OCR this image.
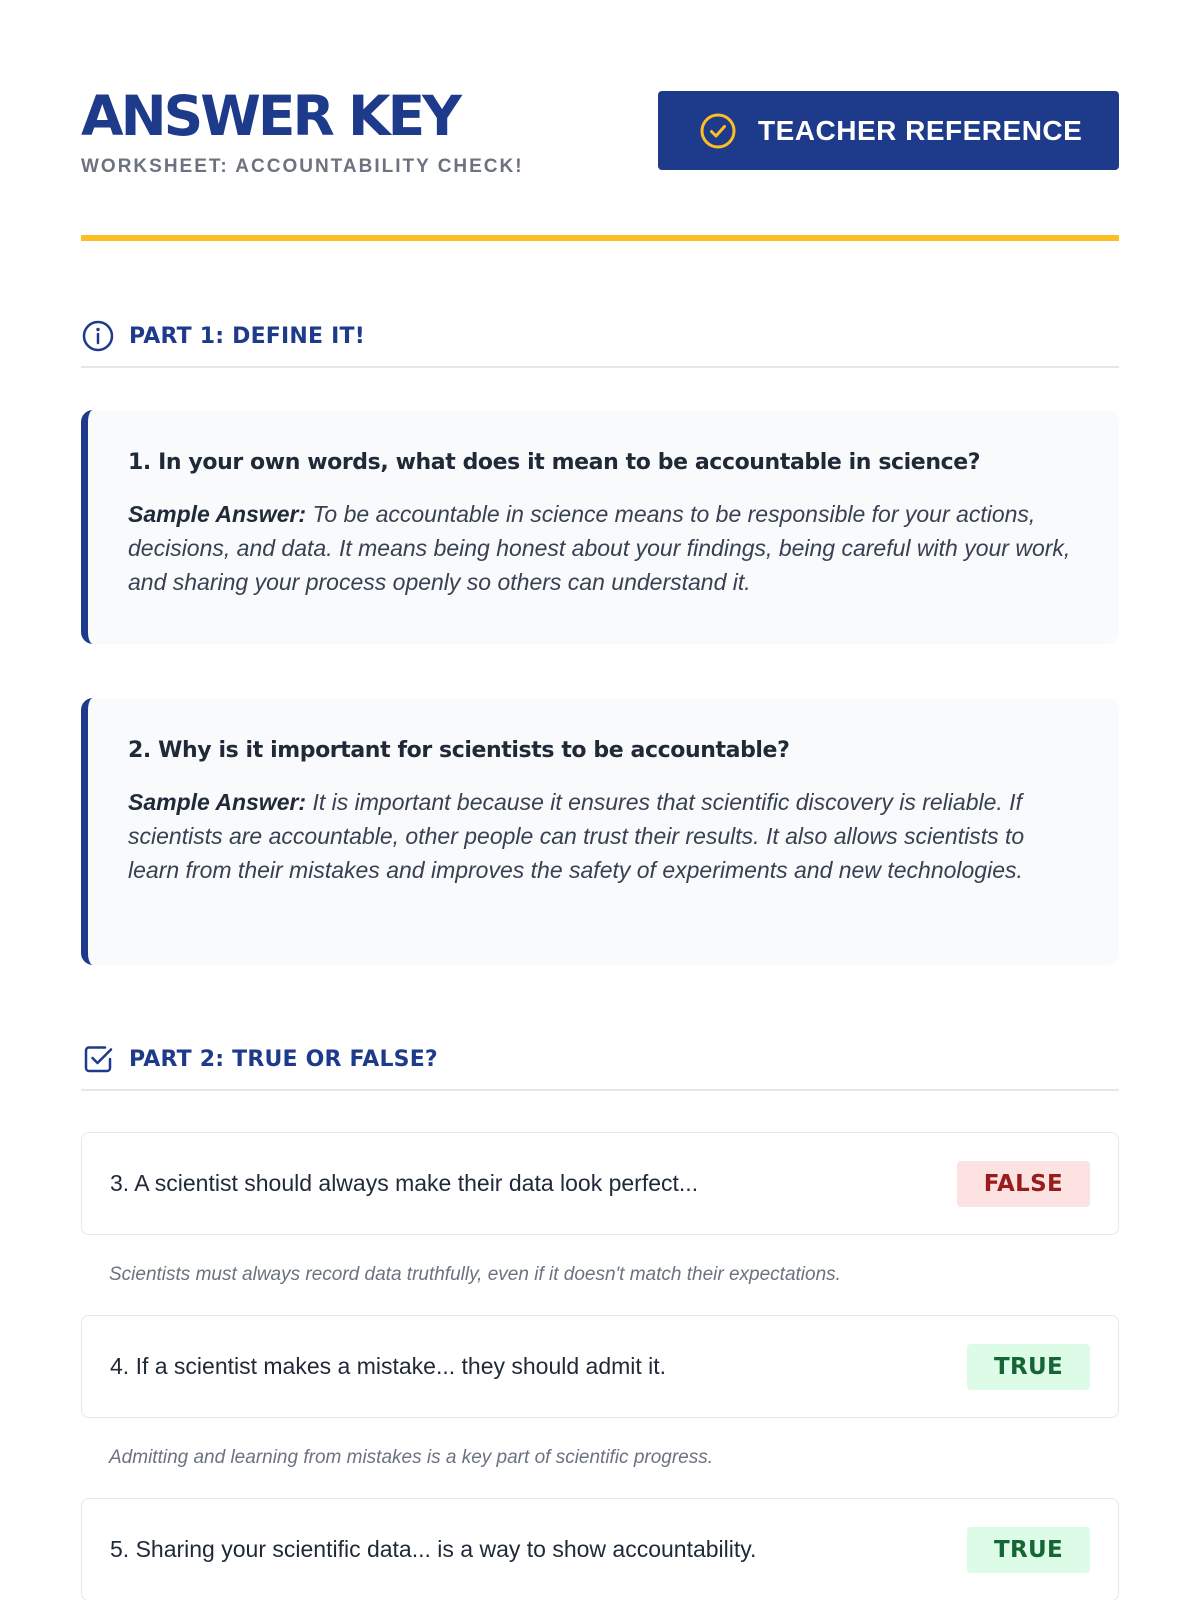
ANSWER KEY
WORKSHEET: ACCOUNTABILITY CHECK!
TEACHER REFERENCE
PART 1: DEFINE IT!
1. In your own words, what does it mean to be accountable in science?
Sample Answer: To be accountable in science means to be responsible for your actions, decisions, and data. It means being honest about your findings, being careful with your work, and sharing your process openly so others can understand it.
2. Why is it important for scientists to be accountable?
Sample Answer: It is important because it ensures that scientific discovery is reliable. If scientists are accountable, other people can trust their results. It also allows scientists to learn from their mistakes and improves the safety of experiments and new technologies.
PART 2: TRUE OR FALSE?
3. A scientist should always make their data look perfect...	FALSE
Scientists must always record data truthfully, even if it doesn't match their expectations.
4. If a scientist makes a mistake... they should admit it.	TRUE
Admitting and learning from mistakes is a key part of scientific progress.
5. Sharing your scientific data... is a way to show accountability.	TRUE
